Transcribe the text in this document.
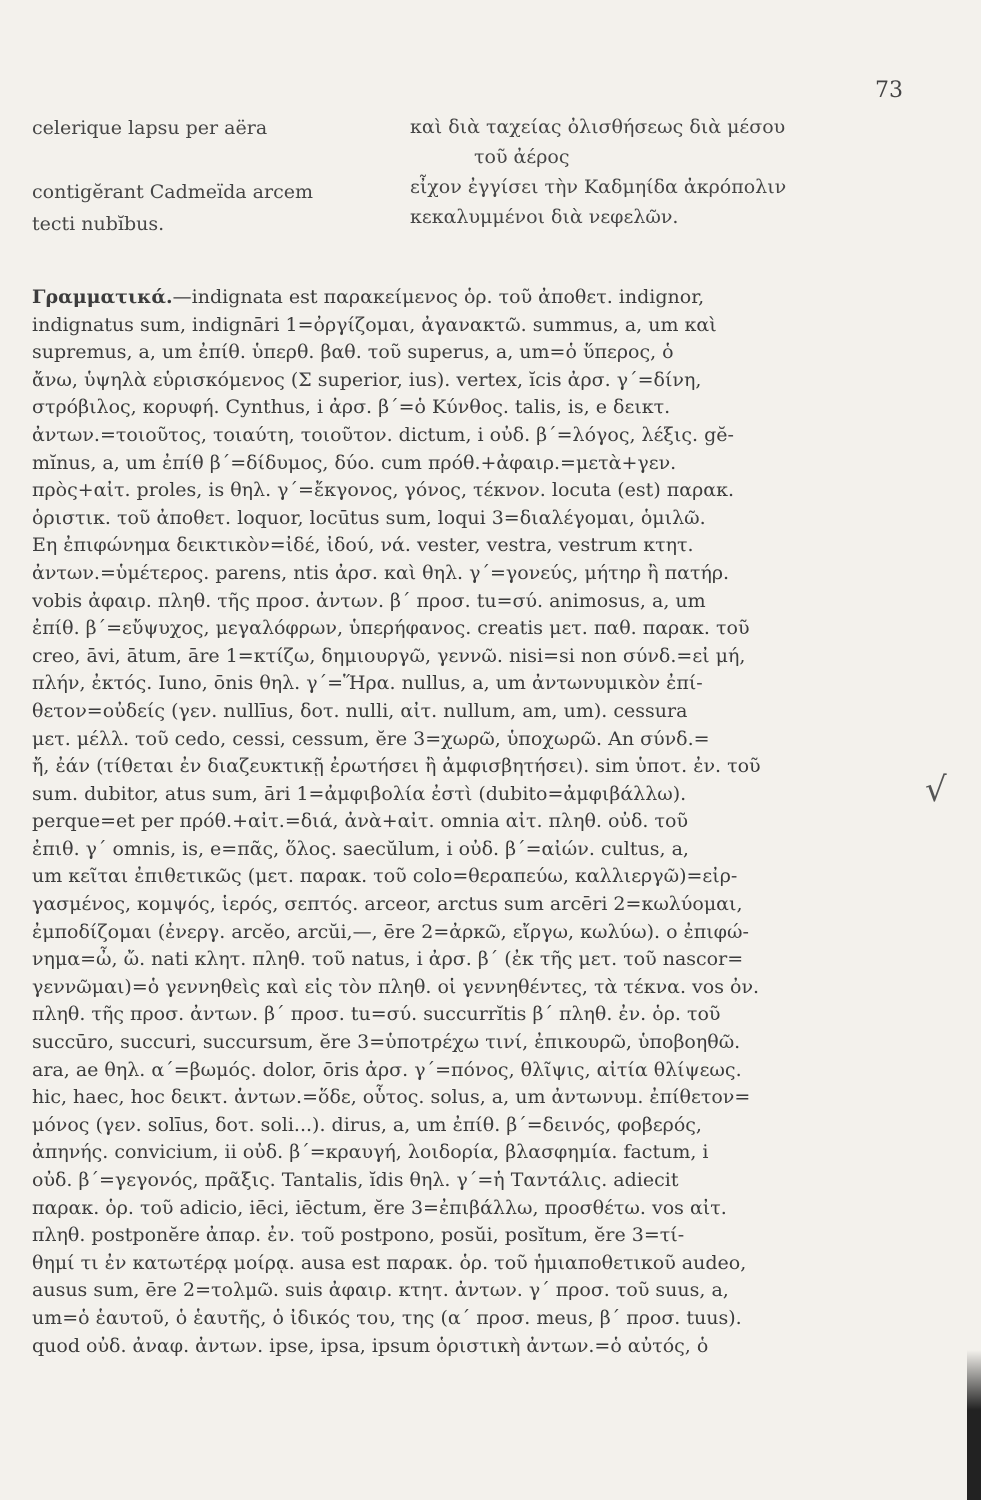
73
celerique lapsu per aëra
contigĕrant Cadmeïda arcem
tecti nubĭbus.
καὶ διὰ ταχείας ὀλισθήσεως διὰ μέσου
τοῦ ἀέρος
εἶχον ἐγγίσει τὴν Καδμηίδα ἀκρόπολιν
κεκαλυμμένοι διὰ νεφελῶν.
Γραμματικά.—indignata est παρακείμενος ὁρ. τοῦ ἀποθετ. indignor,
indignatus sum, indignāri 1=ὀργίζομαι, ἀγανακτῶ. summus, a, um καὶ
supremus, a, um ἐπίθ. ὑπερθ. βαθ. τοῦ superus, a, um=ὁ ὕπερος, ὁ
ἄνω, ὑψηλὰ εὑρισκόμενος (Σ superior, ius). vertex, ĭcis ἀρσ. γ΄=δίνη,
στρόβιλος, κορυφή. Cynthus, i ἀρσ. β΄=ὁ Κύνθος. talis, is, e δεικτ.
ἀντων.=τοιοῦτος, τοιαύτη, τοιοῦτον. dictum, i οὐδ. β΄=λόγος, λέξις. gĕ-
mĭnus, a, um ἐπίθ β΄=δίδυμος, δύο. cum πρόθ.+ἀφαιρ.=μετὰ+γεν.
πρὸς+αἰτ. proles, is θηλ. γ΄=ἔκγονος, γόνος, τέκνον. locuta (est) παρακ.
ὁριστικ. τοῦ ἀποθετ. loquor, locūtus sum, loqui 3=διαλέγομαι, ὁμιλῶ.
Εη ἐπιφώνημα δεικτικὸν=ἰδέ, ἰδού, νά. vester, vestra, vestrum κτητ.
ἀντων.=ὑμέτερος. parens, ntis ἀρσ. καὶ θηλ. γ΄=γονεύς, μήτηρ ἢ πατήρ.
vobis ἀφαιρ. πληθ. τῆς προσ. ἀντων. β΄ προσ. tu=σύ. animosus, a, um
ἐπίθ. β΄=εὔψυχος, μεγαλόφρων, ὑπερήφανος. creatis μετ. παθ. παρακ. τοῦ
creo, āvi, ātum, āre 1=κτίζω, δημιουργῶ, γεννῶ. nisi=si non σύνδ.=εἰ μή,
πλήν, ἐκτός. Iuno, ōnis θηλ. γ΄=Ἥρα. nullus, a, um ἀντωνυμικὸν ἐπί-
θετον=οὐδείς (γεν. nullīus, δοτ. nulli, αἰτ. nullum, am, um). cessura
μετ. μέλλ. τοῦ cedo, cessi, cessum, ĕre 3=χωρῶ, ὑποχωρῶ. An σύνδ.=
ἤ, ἐάν (τίθεται ἐν διαζευκτικῇ ἐρωτήσει ἢ ἀμφισβητήσει). sim ὑποτ. ἐν. τοῦ
sum. dubitor, atus sum, āri 1=ἀμφιβολία ἐστὶ (dubito=ἀμφιβάλλω).
perque=et per πρόθ.+αἰτ.=διά, ἀνὰ+αἰτ. omnia αἰτ. πληθ. οὐδ. τοῦ
ἐπιθ. γ΄ omnis, is, e=πᾶς, ὅλος. saecŭlum, i οὐδ. β΄=αἰών. cultus, a,
um κεῖται ἐπιθετικῶς (μετ. παρακ. τοῦ colo=θεραπεύω, καλλιεργῶ)=εἰρ-
γασμένος, κομψός, ἱερός, σεπτός. arceor, arctus sum arcēri 2=κωλύομαι,
ἐμποδίζομαι (ἐνεργ. arcĕo, arcŭi,—, ēre 2=ἀρκῶ, εἴργω, κωλύω). ο ἐπιφώ-
νημα=ὦ, ὤ. nati κλητ. πληθ. τοῦ natus, i ἀρσ. β΄ (ἐκ τῆς μετ. τοῦ nascor=
γεννῶμαι)=ὁ γεννηθεὶς καὶ εἰς τὸν πληθ. οἱ γεννηθέντες, τὰ τέκνα. vos ὀν.
πληθ. τῆς προσ. ἀντων. β΄ προσ. tu=σύ. succurrĭtis β΄ πληθ. ἐν. ὁρ. τοῦ
succūro, succuri, succursum, ĕre 3=ὑποτρέχω τινί, ἐπικουρῶ, ὑποβοηθῶ.
ara, ae θηλ. α΄=βωμός. dolor, ōris ἀρσ. γ΄=πόνος, θλῖψις, αἰτία θλίψεως.
hic, haec, hoc δεικτ. ἀντων.=ὅδε, οὗτος. solus, a, um ἀντωνυμ. ἐπίθετον=
μόνος (γεν. solīus, δοτ. soli...). dirus, a, um ἐπίθ. β΄=δεινός, φοβερός,
ἀπηνής. convicium, ii οὐδ. β΄=κραυγή, λοιδορία, βλασφημία. factum, i
οὐδ. β΄=γεγονός, πρᾶξις. Tantalis, ĭdis θηλ. γ΄=ἡ Ταντάλις. adiecit
παρακ. ὁρ. τοῦ adicio, iēci, iēctum, ĕre 3=ἐπιβάλλω, προσθέτω. vos αἰτ.
πληθ. postponĕre ἀπαρ. ἐν. τοῦ postpono, posŭi, posĭtum, ĕre 3=τί-
θημί τι ἐν κατωτέρᾳ μοίρᾳ. ausa est παρακ. ὁρ. τοῦ ἡμιαποθετικοῦ audeo,
ausus sum, ēre 2=τολμῶ. suis ἀφαιρ. κτητ. ἀντων. γ΄ προσ. τοῦ suus, a,
um=ὁ ἑαυτοῦ, ὁ ἑαυτῆς, ὁ ἰδικός του, της (α΄ προσ. meus, β΄ προσ. tuus).
quod οὐδ. ἀναφ. ἀντων. ipse, ipsa, ipsum ὁριστικὴ ἀντων.=ὁ αὐτός, ὁ
√
